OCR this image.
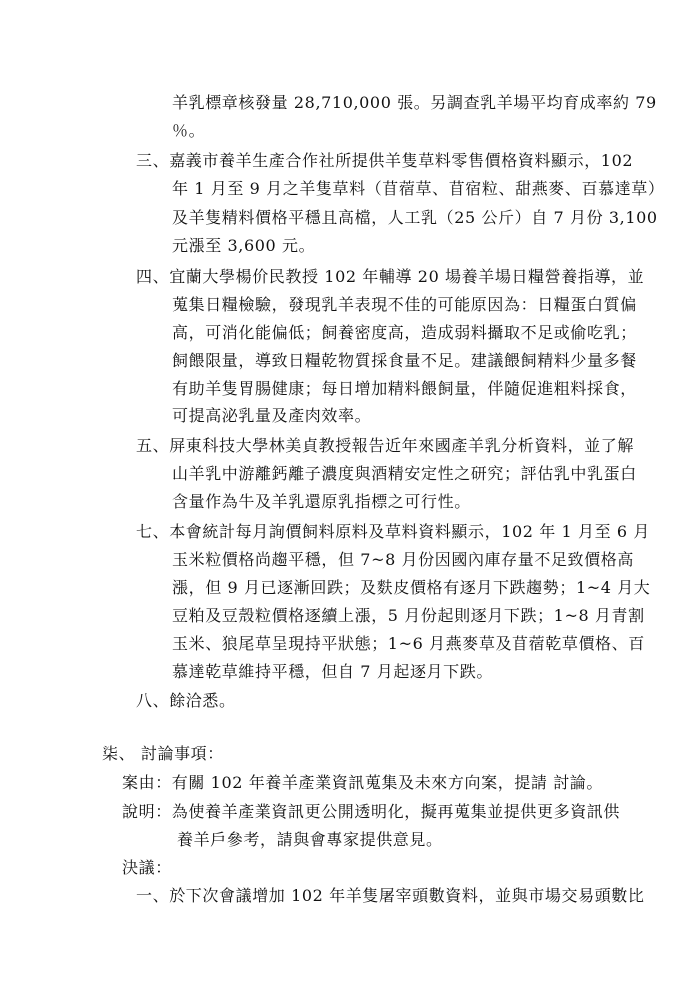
羊乳標章核發量 28,710,000 張。另調查乳羊場平均育成率約 79
％。
三、嘉義市養羊生產合作社所提供羊隻草料零售價格資料顯示，102
年 1 月至 9 月之羊隻草料（苜蓿草、苜宿粒、甜燕麥、百慕達草）
及羊隻精料價格平穩且高檔，人工乳（25 公斤）自 7 月份 3,100
元漲至 3,600 元。
四、宜蘭大學楊价民教授 102 年輔導 20 場養羊場日糧營養指導，並
蒐集日糧檢驗，發現乳羊表現不佳的可能原因為：日糧蛋白質偏
高，可消化能偏低；飼養密度高，造成弱料攝取不足或偷吃乳；
飼餵限量，導致日糧乾物質採食量不足。建議餵飼精料少量多餐
有助羊隻胃腸健康；每日增加精料餵飼量，伴隨促進粗料採食，
可提高泌乳量及產肉效率。
五、屏東科技大學林美貞教授報告近年來國產羊乳分析資料，並了解
山羊乳中游離鈣離子濃度與酒精安定性之研究；評估乳中乳蛋白
含量作為牛及羊乳還原乳指標之可行性。
七、本會統計每月詢價飼料原料及草料資料顯示，102 年 1 月至 6 月
玉米粒價格尚趨平穩，但 7~8 月份因國內庫存量不足致價格高
漲，但 9 月已逐漸回跌；及麩皮價格有逐月下跌趨勢；1~4 月大
豆粕及豆殼粒價格逐續上漲，5 月份起則逐月下跌；1~8 月青割
玉米、狼尾草呈現持平狀態；1~6 月燕麥草及苜蓿乾草價格、百
慕達乾草維持平穩，但自 7 月起逐月下跌。
八、餘洽悉。
柒、 討論事項：
案由：有關 102 年養羊產業資訊蒐集及未來方向案，提請 討論。
說明：為使養羊產業資訊更公開透明化，擬再蒐集並提供更多資訊供
養羊戶參考，請與會專家提供意見。
決議：
一、於下次會議增加 102 年羊隻屠宰頭數資料，並與市場交易頭數比
